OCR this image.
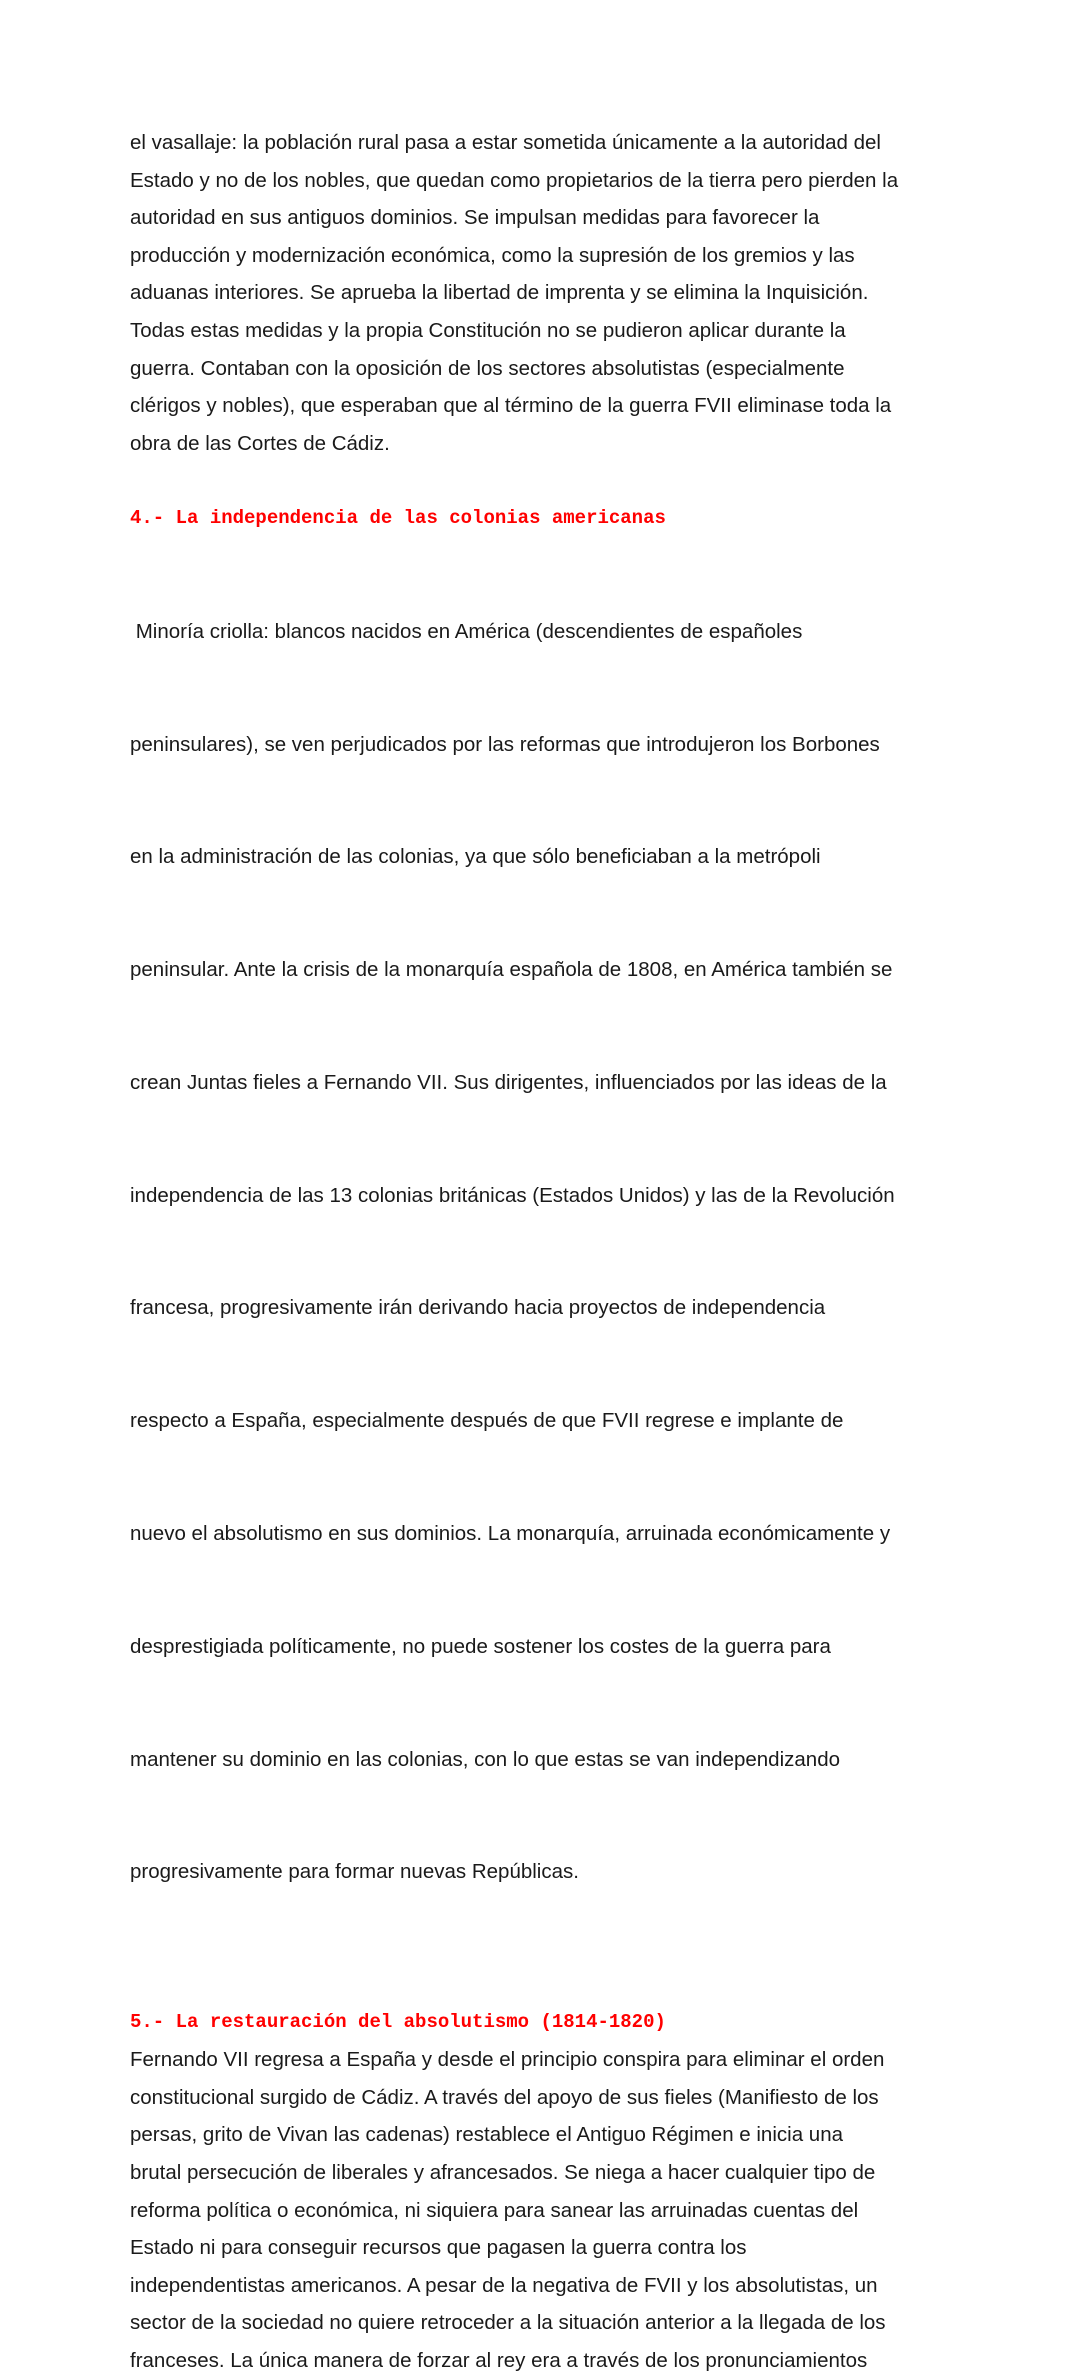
el vasallaje: la población rural pasa a estar sometida únicamente a la autoridad del
Estado y no de los nobles, que quedan como propietarios de la tierra pero pierden la
autoridad en sus antiguos dominios. Se impulsan medidas para favorecer la
producción y modernización económica, como la supresión de los gremios y las
aduanas interiores. Se aprueba la libertad de imprenta y se elimina la Inquisición.
Todas estas medidas y la propia Constitución no se pudieron aplicar durante la
guerra. Contaban con la oposición de los sectores absolutistas (especialmente
clérigos y nobles), que esperaban que al término de la guerra FVII eliminase toda la
obra de las Cortes de Cádiz.
4.- La independencia de las colonias americanas

Minoría criolla: blancos nacidos en América (descendientes de españoles

peninsulares), se ven perjudicados por las reformas que introdujeron los Borbones

en la administración de las colonias, ya que sólo beneficiaban a la metrópoli

peninsular. Ante la crisis de la monarquía española de 1808, en América también se

crean Juntas fieles a Fernando VII. Sus dirigentes, influenciados por las ideas de la

independencia de las 13 colonias británicas (Estados Unidos) y las de la Revolución

francesa, progresivamente irán derivando hacia proyectos de independencia

respecto a España, especialmente después de que FVII regrese e implante de

nuevo el absolutismo en sus dominios. La monarquía, arruinada económicamente y

desprestigiada políticamente, no puede sostener los costes de la guerra para

mantener su dominio en las colonias, con lo que estas se van independizando

progresivamente para formar nuevas Repúblicas.

5.- La restauración del absolutismo (1814-1820)
Fernando VII regresa a España y desde el principio conspira para eliminar el orden
constitucional surgido de Cádiz. A través del apoyo de sus fieles (Manifiesto de los
persas, grito de Vivan las cadenas) restablece el Antiguo Régimen e inicia una
brutal persecución de liberales y afrancesados. Se niega a hacer cualquier tipo de
reforma política o económica, ni siquiera para sanear las arruinadas cuentas del
Estado ni para conseguir recursos que pagasen la guerra contra los
independentistas americanos. A pesar de la negativa de FVII y los absolutistas, un
sector de la sociedad no quiere retroceder a la situación anterior a la llegada de los
franceses. La única manera de forzar al rey era a través de los pronunciamientos
